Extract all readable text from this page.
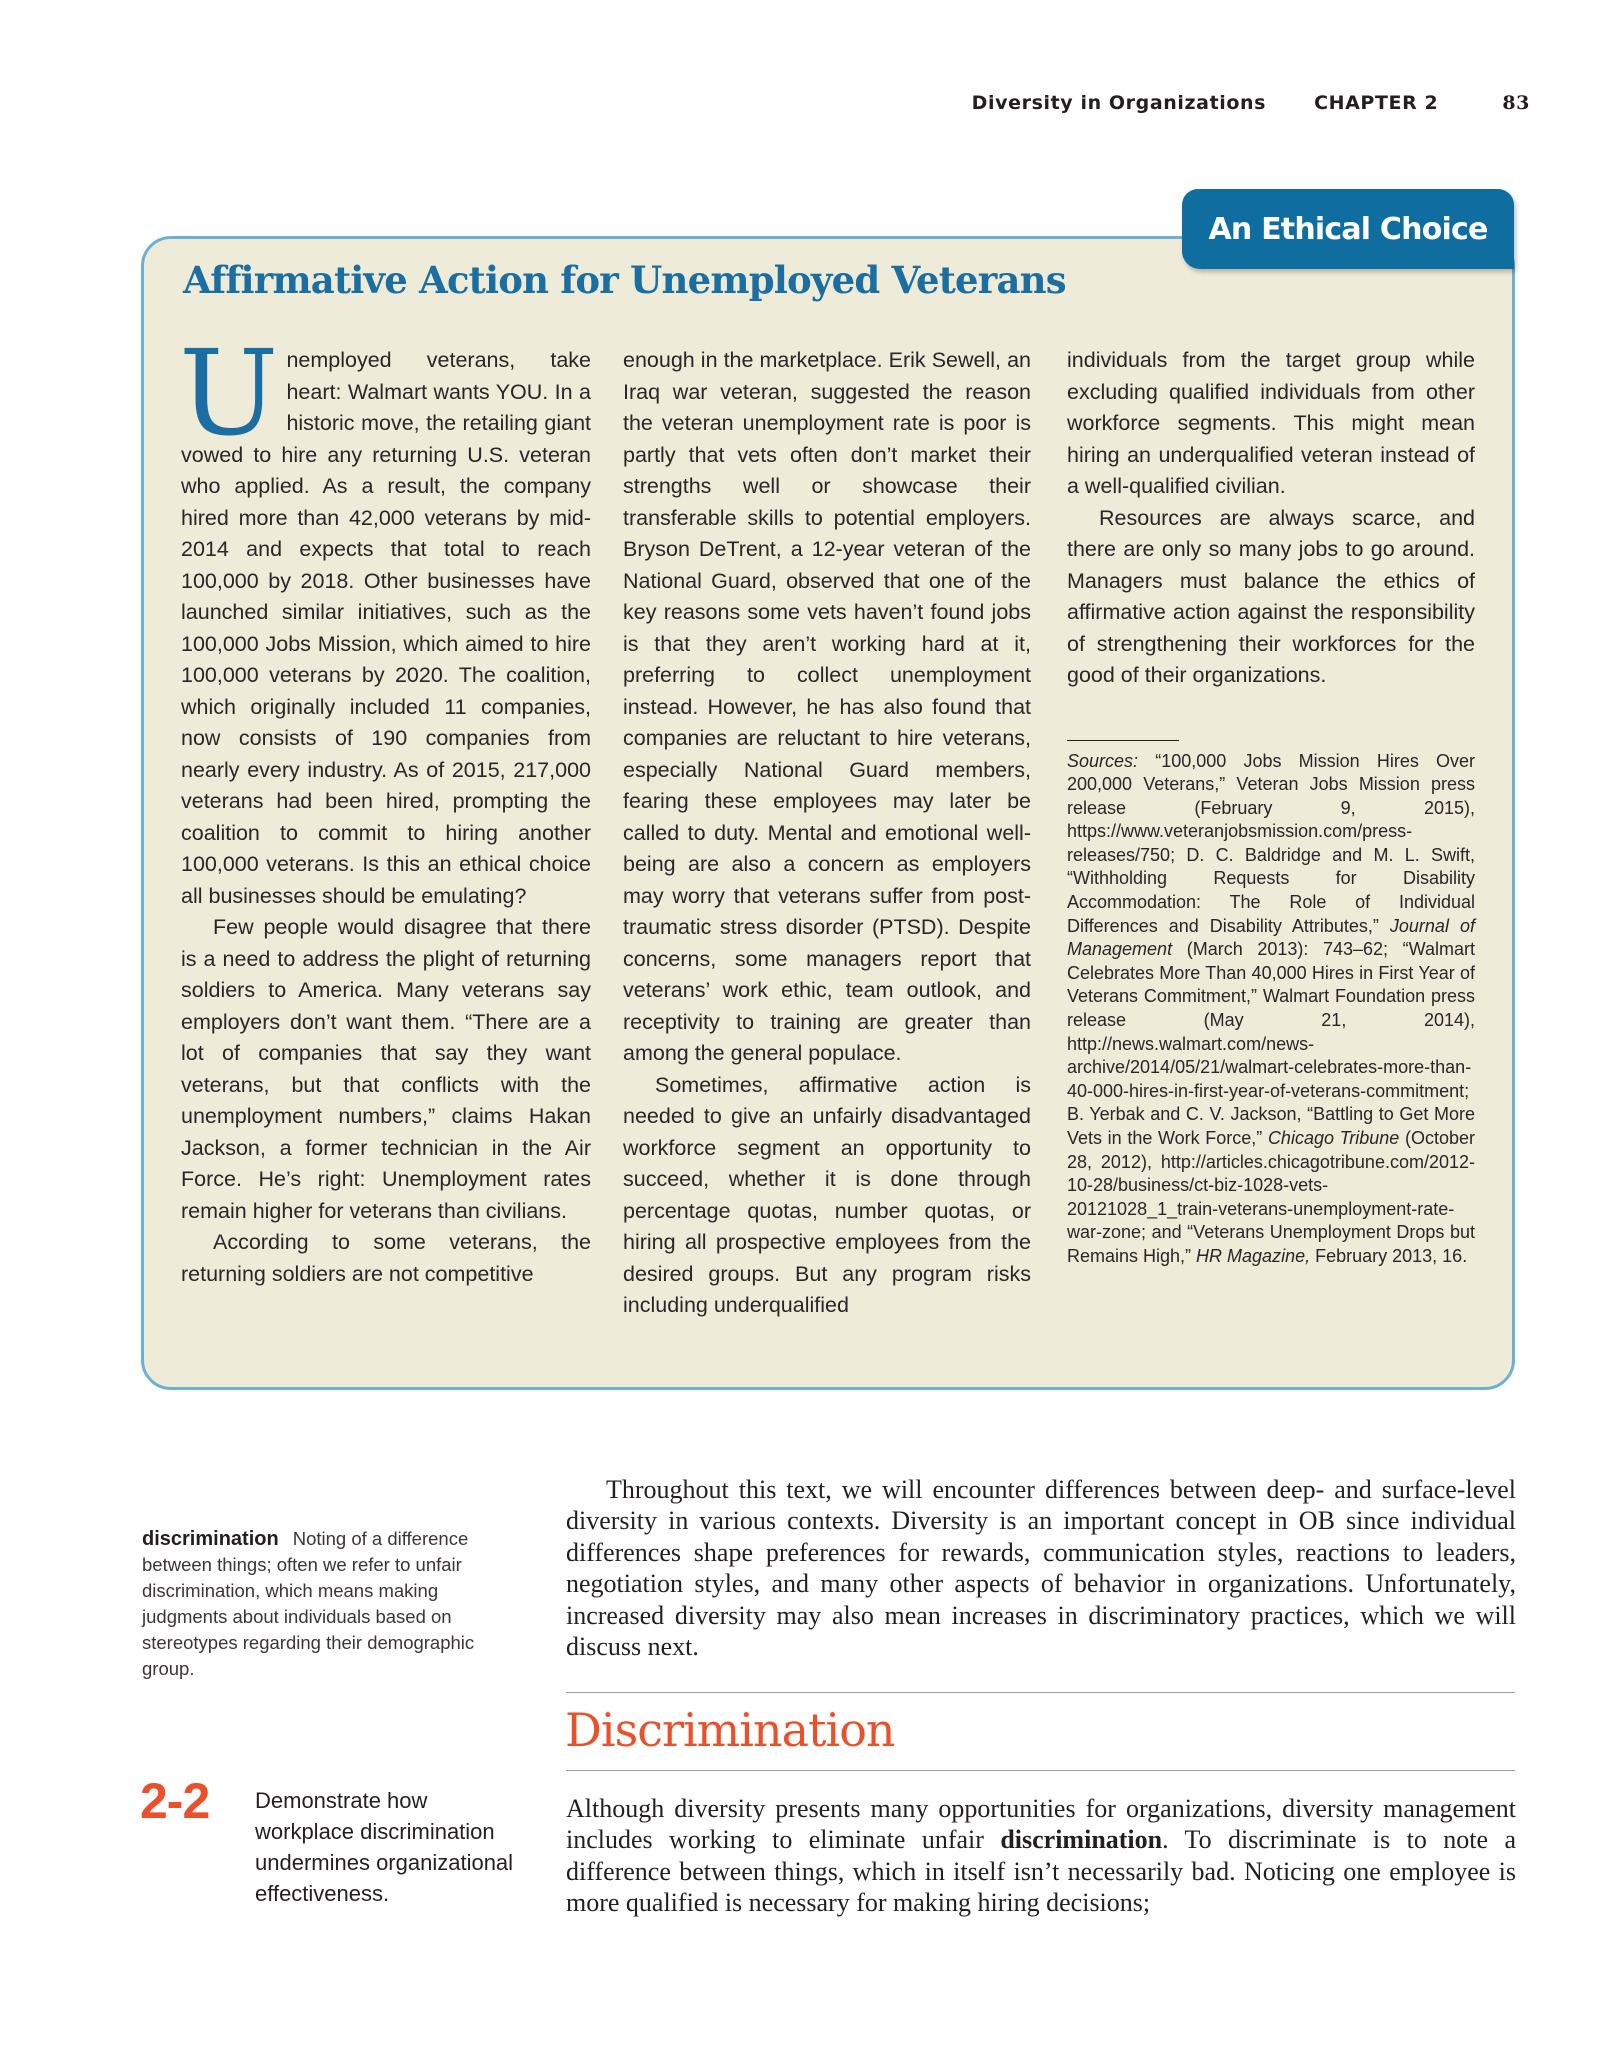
Diversity in Organizations	CHAPTER 2	83
An Ethical Choice
Affirmative Action for Unemployed Veterans

Unemployed veterans, take heart: Walmart wants YOU. In a historic move, the retailing giant vowed to hire any returning U.S. veteran who applied. As a result, the company hired more than 42,000 veterans by mid-2014 and expects that total to reach 100,000 by 2018. Other businesses have launched similar initiatives, such as the 100,000 Jobs Mission, which aimed to hire 100,000 veterans by 2020. The coalition, which originally included 11 companies, now consists of 190 companies from nearly every industry. As of 2015, 217,000 veterans had been hired, prompting the coalition to commit to hiring another 100,000 veterans. Is this an ethical choice all businesses should be emulating?

Few people would disagree that there is a need to address the plight of returning soldiers to America. Many veterans say employers don’t want them. “There are a lot of companies that say they want veterans, but that conflicts with the unemployment numbers,” claims Hakan Jackson, a former technician in the Air Force. He’s right: Unemployment rates remain higher for veterans than civilians.

According to some veterans, the returning soldiers are not competitive

enough in the marketplace. Erik Sewell, an Iraq war veteran, suggested the reason the veteran unemployment rate is poor is partly that vets often don’t market their strengths well or showcase their transferable skills to potential employers. Bryson DeTrent, a 12-year veteran of the National Guard, observed that one of the key reasons some vets haven’t found jobs is that they aren’t working hard at it, preferring to collect unemployment instead. However, he has also found that companies are reluctant to hire veterans, especially National Guard members, fearing these employees may later be called to duty. Mental and emotional well-being are also a concern as employers may worry that veterans suffer from post-traumatic stress disorder (PTSD). Despite concerns, some managers report that veterans’ work ethic, team outlook, and receptivity to training are greater than among the general populace.

Sometimes, affirmative action is needed to give an unfairly disadvantaged workforce segment an opportunity to succeed, whether it is done through percentage quotas, number quotas, or hiring all prospective employees from the desired groups. But any program risks including underqualified

individuals from the target group while excluding qualified individuals from other workforce segments. This might mean hiring an underqualified veteran instead of a well-qualified civilian.

Resources are always scarce, and there are only so many jobs to go around. Managers must balance the ethics of affirmative action against the responsibility of strengthening their workforces for the good of their organizations.

Sources: “100,000 Jobs Mission Hires Over 200,000 Veterans,” Veteran Jobs Mission press release (February 9, 2015), https://www.veteranjobsmission.com/press-releases/750; D. C. Baldridge and M. L. Swift, “Withholding Requests for Disability Accommodation: The Role of Individual Differences and Disability Attributes,” Journal of Management (March 2013): 743–62; “Walmart Celebrates More Than 40,000 Hires in First Year of Veterans Commitment,” Walmart Foundation press release (May 21, 2014), http://news.walmart.com/news-archive/2014/05/21/walmart-celebrates-more-than-40-000-hires-in-first-year-of-veterans-commitment; B. Yerbak and C. V. Jackson, “Battling to Get More Vets in the Work Force,” Chicago Tribune (October 28, 2012), http://articles.chicagotribune.com/2012-10-28/business/ct-biz-1028-vets-20121028_1_train-veterans-unemployment-rate-war-zone; and “Veterans Unemployment Drops but Remains High,” HR Magazine, February 2013, 16.
discrimination Noting of a difference between things; often we refer to unfair discrimination, which means making judgments about individuals based on stereotypes regarding their demographic group.
2-2 Demonstrate how workplace discrimination undermines organizational effectiveness.

Throughout this text, we will encounter differences between deep- and surface-level diversity in various contexts. Diversity is an important concept in OB since individual differences shape preferences for rewards, communication styles, reactions to leaders, negotiation styles, and many other aspects of behavior in organizations. Unfortunately, increased diversity may also mean increases in discriminatory practices, which we will discuss next.

Discrimination

Although diversity presents many opportunities for organizations, diversity management includes working to eliminate unfair discrimination. To discriminate is to note a difference between things, which in itself isn’t necessarily bad. Noticing one employee is more qualified is necessary for making hiring decisions;
